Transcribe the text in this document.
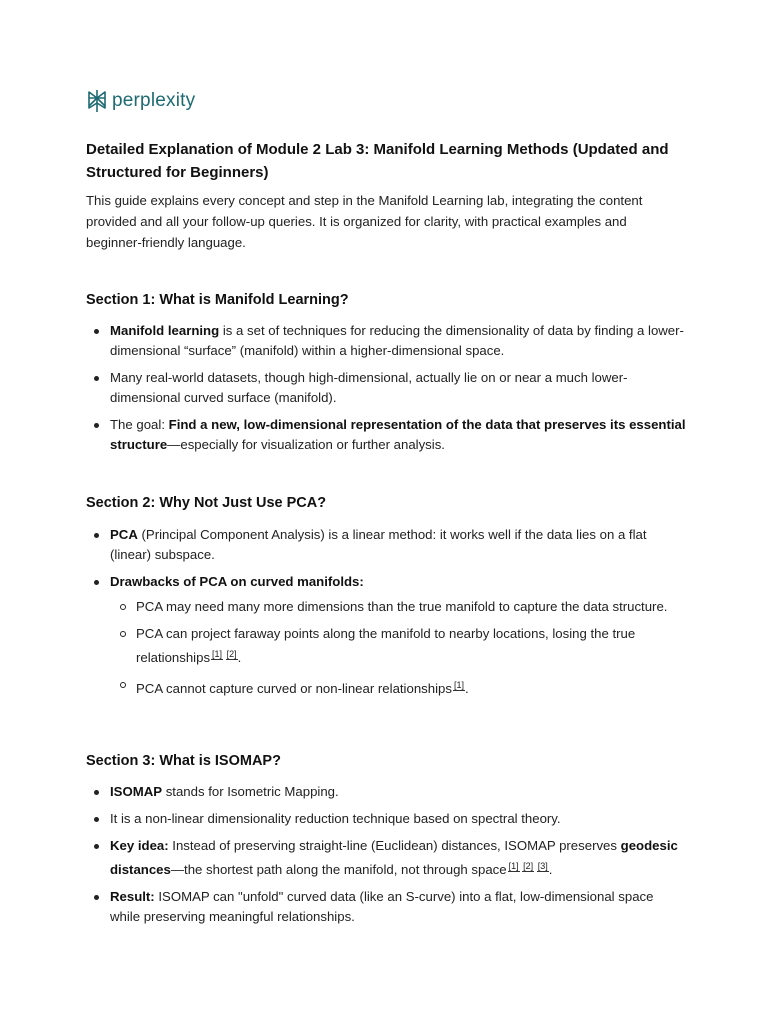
perplexity
Detailed Explanation of Module 2 Lab 3: Manifold Learning Methods (Updated and Structured for Beginners)

This guide explains every concept and step in the Manifold Learning lab, integrating the content provided and all your follow-up queries. It is organized for clarity, with practical examples and beginner-friendly language.

Section 1: What is Manifold Learning?
Manifold learning is a set of techniques for reducing the dimensionality of data by finding a lower-dimensional “surface” (manifold) within a higher-dimensional space.
Many real-world datasets, though high-dimensional, actually lie on or near a much lower-dimensional curved surface (manifold).
The goal: Find a new, low-dimensional representation of the data that preserves its essential structure—especially for visualization or further analysis.
Section 2: Why Not Just Use PCA?
PCA (Principal Component Analysis) is a linear method: it works well if the data lies on a flat (linear) subspace.
Drawbacks of PCA on curved manifolds:
PCA may need many more dimensions than the true manifold to capture the data structure.
PCA can project faraway points along the manifold to nearby locations, losing the true relationships [1] [2].
PCA cannot capture curved or non-linear relationships [1].
Section 3: What is ISOMAP?
ISOMAP stands for Isometric Mapping.
It is a non-linear dimensionality reduction technique based on spectral theory.
Key idea: Instead of preserving straight-line (Euclidean) distances, ISOMAP preserves geodesic distances—the shortest path along the manifold, not through space [1] [2] [3].
Result: ISOMAP can "unfold" curved data (like an S-curve) into a flat, low-dimensional space while preserving meaningful relationships.
